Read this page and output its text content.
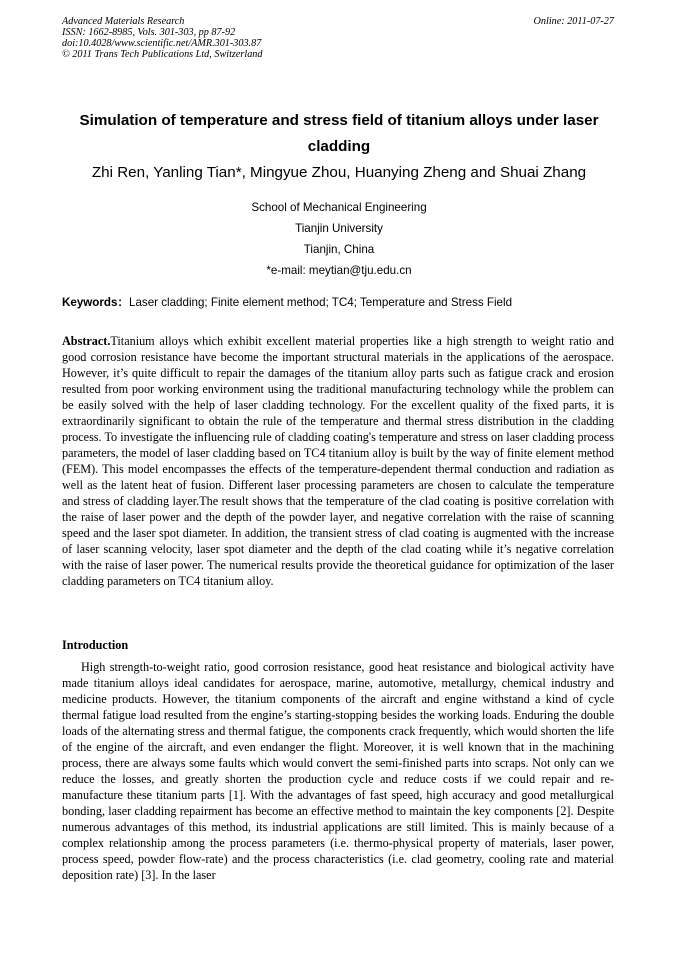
Advanced Materials Research
ISSN: 1662-8985, Vols. 301-303, pp 87-92
doi:10.4028/www.scientific.net/AMR.301-303.87
© 2011 Trans Tech Publications Ltd, Switzerland
Online: 2011-07-27
Simulation of temperature and stress field of titanium alloys under laser cladding
Zhi Ren, Yanling Tian*, Mingyue Zhou, Huanying Zheng and Shuai Zhang
School of Mechanical Engineering
Tianjin University
Tianjin, China
*e-mail: meytian@tju.edu.cn
Keywords：Laser cladding; Finite element method; TC4; Temperature and Stress Field

Abstract.Titanium alloys which exhibit excellent material properties like a high strength to weight ratio and good corrosion resistance have become the important structural materials in the applications of the aerospace. However, it’s quite difficult to repair the damages of the titanium alloy parts such as fatigue crack and erosion resulted from poor working environment using the traditional manufacturing technology while the problem can be easily solved with the help of laser cladding technology. For the excellent quality of the fixed parts, it is extraordinarily significant to obtain the rule of the temperature and thermal stress distribution in the cladding process. To investigate the influencing rule of cladding coating's temperature and stress on laser cladding process parameters, the model of laser cladding based on TC4 titanium alloy is built by the way of finite element method (FEM). This model encompasses the effects of the temperature-dependent thermal conduction and radiation as well as the latent heat of fusion. Different laser processing parameters are chosen to calculate the temperature and stress of cladding layer.The result shows that the temperature of the clad coating is positive correlation with the raise of laser power and the depth of the powder layer, and negative correlation with the raise of scanning speed and the laser spot diameter. In addition, the transient stress of clad coating is augmented with the increase of laser scanning velocity, laser spot diameter and the depth of the clad coating while it’s negative correlation with the raise of laser power. The numerical results provide the theoretical guidance for optimization of the laser cladding parameters on TC4 titanium alloy.

Introduction

High strength-to-weight ratio, good corrosion resistance, good heat resistance and biological activity have made titanium alloys ideal candidates for aerospace, marine, automotive, metallurgy, chemical industry and medicine products. However, the titanium components of the aircraft and engine withstand a kind of cycle thermal fatigue load resulted from the engine’s starting-stopping besides the working loads. Enduring the double loads of the alternating stress and thermal fatigue, the components crack frequently, which would shorten the life of the engine of the aircraft, and even endanger the flight. Moreover, it is well known that in the machining process, there are always some faults which would convert the semi-finished parts into scraps. Not only can we reduce the losses, and greatly shorten the production cycle and reduce costs if we could repair and re-manufacture these titanium parts [1]. With the advantages of fast speed, high accuracy and good metallurgical bonding, laser cladding repairment has become an effective method to maintain the key components [2]. Despite numerous advantages of this method, its industrial applications are still limited. This is mainly because of a complex relationship among the process parameters (i.e. thermo-physical property of materials, laser power, process speed, powder flow-rate) and the process characteristics (i.e. clad geometry, cooling rate and material deposition rate) [3]. In the laser
